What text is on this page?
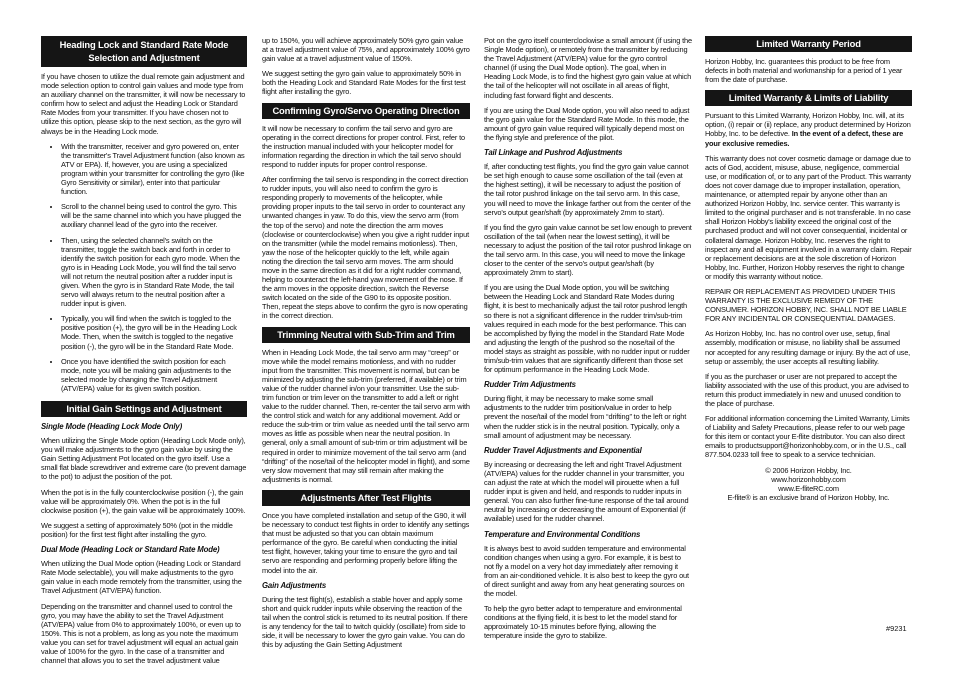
Heading Lock and Standard Rate Mode Selection and Adjustment

If you have chosen to utilize the dual remote gain adjustment and mode selection option to control gain values and mode type from an auxiliary channel on the transmitter, it will now be necessary to confirm how to select and adjust the Heading Lock or Standard Rate Modes from your transmitter. If you have chosen not to utilize this option, please skip to the next section, as the gyro will always be in the Heading Lock mode.

• With the transmitter, receiver and gyro powered on, enter the transmitter's Travel Adjustment function (also known as ATV or EPA). If, however, you are using a specialized program within your transmitter for controlling the gyro (like Gyro Sensitivity or similar), enter into that particular function.
• Scroll to the channel being used to control the gyro. This will be the same channel into which you have plugged the auxiliary channel lead of the gyro into the receiver.
• Then, using the selected channel's switch on the transmitter, toggle the switch back and forth in order to identify the switch position for each gyro mode. When the gyro is in Heading Lock Mode, you will find the tail servo will not return the neutral position after a rudder input is given. When the gyro is in Standard Rate Mode, the tail servo will always return to the neutral position after a rudder input is given.
• Typically, you will find when the switch is toggled to the positive position (+), the gyro will be in the Heading Lock Mode. Then, when the switch is toggled to the negative position (-), the gyro will be in the Standard Rate Mode.
• Once you have identified the switch position for each mode, note you will be making gain adjustments to the selected mode by changing the Travel Adjustment (ATV/EPA) value for its given switch position.
Initial Gain Settings and Adjustment
Single Mode (Heading Lock Mode Only)

When utilizing the Single Mode option (Heading Lock Mode only), you will make adjustments to the gyro gain value by using the Gain Setting Adjustment Pot located on the gyro itself. Use a small flat blade screwdriver and extreme care (to prevent damage to the pot) to adjust the position of the pot.

When the pot is in the fully counterclockwise position (-), the gain value will be approximately 0%. When the pot is in the full clockwise position (+), the gain value will be approximately 100%.

We suggest a setting of approximately 50% (pot in the middle position) for the first test flight after installing the gyro.

Dual Mode (Heading Lock or Standard Rate Mode)

When utilizing the Dual Mode option (Heading Lock or Standard Rate Mode selectable), you will make adjustments to the gyro gain value in each mode remotely from the transmitter, using the Travel Adjustment (ATV/EPA) function.

Depending on the transmitter and channel used to control the gyro, you may have the ability to set the Travel Adjustment (ATV/EPA) value from 0% to approximately 100%, or even up to 150%. This is not a problem, as long as you note the maximum value you can set for travel adjustment will equal an actual gain value of 100% for the gyro. In the case of a transmitter and channel that allows you to set the travel adjustment value

up to 150%, you will achieve approximately 50% gyro gain value at a travel adjustment value of 75%, and approximately 100% gyro gain value at a travel adjustment value of 150%.

We suggest setting the gyro gain value to approximately 50% in both the Heading Lock and Standard Rate Modes for the first test flight after installing the gyro.

Confirming Gyro/Servo Operating Direction

It will now be necessary to confirm the tail servo and gyro are operating in the correct directions for proper control. First, refer to the instruction manual included with your helicopter model for information regarding the direction in which the tail servo should respond to rudder inputs for proper control response.

After confirming the tail servo is responding in the correct direction to rudder inputs, you will also need to confirm the gyro is responding properly to movements of the helicopter, while providing proper inputs to the tail servo in order to counteract any unwanted changes in yaw. To do this, view the servo arm (from the top of the servo) and note the direction the arm moves (clockwise or counterclockwise) when you give a right rudder input on the transmitter (while the model remains motionless). Then, yaw the nose of the helicopter quickly to the left, while again noting the direction the tail servo arm moves. The arm should move in the same direction as it did for a right rudder command, helping to counteract the left-hand yaw movement of the nose. If the arm moves in the opposite direction, switch the Reverse switch located on the side of the G90 to its opposite position. Then, repeat the steps above to confirm the gyro is now operating in the correct direction.

Trimming Neutral with Sub-Trim and Trim

When in Heading Lock Mode, the tail servo arm may “creep” or move while the model remains motionless, and with no rudder input from the transmitter. This movement is normal, but can be minimized by adjusting the sub-trim (preferred, if available) or trim value of the rudder channel in/on your transmitter. Use the sub-trim function or trim lever on the transmitter to add a left or right value to the rudder channel. Then, re-center the tail servo arm with the control stick and watch for any additional movement. Add or reduce the sub-trim or trim value as needed until the tail servo arm moves as little as possible when near the neutral position. In general, only a small amount of sub-trim or trim adjustment will be required in order to minimize movement of the tail servo arm (and “drifting” of the nose/tail of the helicopter model in flight), and some very slow movement that may still remain after making the adjustments is normal.

Adjustments After Test Flights

Once you have completed installation and setup of the G90, it will be necessary to conduct test flights in order to identify any settings that must be adjusted so that you can obtain maximum performance of the gyro. Be careful when conducting the initial test flight, however, taking your time to ensure the gyro and tail servo are responding and performing properly before lifting the model into the air.

Gain Adjustments

During the test flight(s), establish a stable hover and apply some short and quick rudder inputs while observing the reaction of the tail when the control stick is returned to its neutral position. If there is any tendency for the tail to twitch quickly (oscillate) from side to side, it will be necessary to lower the gyro gain value. You can do this by adjusting the Gain Setting Adjustment

Pot on the gyro itself counterclockwise a small amount (if using the Single Mode option), or remotely from the transmitter by reducing the Travel Adjustment (ATV/EPA) value for the gyro control channel (if using the Dual Mode option). The goal, when in Heading Lock Mode, is to find the highest gyro gain value at which the tail of the helicopter will not oscillate in all areas of flight, including fast forward flight and descents.

If you are using the Dual Mode option, you will also need to adjust the gyro gain value for the Standard Rate Mode. In this mode, the amount of gyro gain value required will typically depend most on the flying style and preference of the pilot.

Tail Linkage and Pushrod Adjustments

If, after conducting test flights, you find the gyro gain value cannot be set high enough to cause some oscillation of the tail (even at the highest setting), it will be necessary to adjust the position of the tail rotor pushrod linkage on the tail servo arm. In this case, you will need to move the linkage farther out from the center of the servo's output gear/shaft (by approximately 2mm to start).

If you find the gyro gain value cannot be set low enough to prevent oscillation of the tail (when near the lowest setting), it will be necessary to adjust the position of the tail rotor pushrod linkage on the tail servo arm. In this case, you will need to move the linkage closer to the center of the servo's output gear/shaft (by approximately 2mm to start).

If you are using the Dual Mode option, you will be switching between the Heading Lock and Standard Rate Modes during flight, it is best to mechanically adjust the tail rotor pushrod length so there is not a significant difference in the rudder trim/sub-trim values required in each mode for the best performance. This can be accomplished by flying the model in the Standard Rate Mode and adjusting the length of the pushrod so the nose/tail of the model stays as straight as possible, with no rudder input or rudder trim/sub-trim values that are significantly different than those set for optimum performance in the Heading Lock Mode.

Rudder Trim Adjustments

During flight, it may be necessary to make some small adjustments to the rudder trim position/value in order to help prevent the nose/tail of the model from “drifting” to the left or right when the rudder stick is in the neutral position. Typically, only a small amount of adjustment may be necessary.

Rudder Travel Adjustments and Exponential

By increasing or decreasing the left and right Travel Adjustment (ATV/EPA) values for the rudder channel in your transmitter, you can adjust the rate at which the model will pirouette when a full rudder input is given and held, and responds to rudder inputs in general. You can also further fine-tune response of the tail around neutral by increasing or decreasing the amount of Exponential (if available) used for the rudder channel.

Temperature and Environmental Conditions

It is always best to avoid sudden temperature and environmental condition changes when using a gyro. For example, it is best to not fly a model on a very hot day immediately after removing it from an air-conditioned vehicle. It is also best to keep the gyro out of direct sunlight and away from any heat generating sources on the model.

To help the gyro better adapt to temperature and environmental conditions at the flying field, it is best to let the model stand for approximately 10-15 minutes before flying, allowing the temperature inside the gyro to stabilize.

Limited Warranty Period

Horizon Hobby, Inc. guarantees this product to be free from defects in both material and workmanship for a period of 1 year from the date of purchase.

Limited Warranty & Limits of Liability

Pursuant to this Limited Warranty, Horizon Hobby, Inc. will, at its option, (i) repair or (ii) replace, any product determined by Horizon Hobby, Inc. to be defective. In the event of a defect, these are your exclusive remedies.

This warranty does not cover cosmetic damage or damage due to acts of God, accident, misuse, abuse, negligence, commercial use, or modification of, or to any part of the Product. This warranty does not cover damage due to improper installation, operation, maintenance, or attempted repair by anyone other than an authorized Horizon Hobby, Inc. service center. This warranty is limited to the original purchaser and is not transferable. In no case shall Horizon Hobby's liability exceed the original cost of the purchased product and will not cover consequential, incidental or collateral damage. Horizon Hobby, Inc. reserves the right to inspect any and all equipment involved in a warranty claim. Repair or replacement decisions are at the sole discretion of Horizon Hobby, Inc. Further, Horizon Hobby reserves the right to change or modify this warranty without notice.

REPAIR OR REPLACEMENT AS PROVIDED UNDER THIS WARRANTY IS THE EXCLUSIVE REMEDY OF THE CONSUMER. HORIZON HOBBY, INC. SHALL NOT BE LIABLE FOR ANY INCIDENTAL OR CONSEQUENTIAL DAMAGES.

As Horizon Hobby, Inc. has no control over use, setup, final assembly, modification or misuse, no liability shall be assumed nor accepted for any resulting damage or injury. By the act of use, setup or assembly, the user accepts all resulting liability.

If you as the purchaser or user are not prepared to accept the liability associated with the use of this product, you are advised to return this product immediately in new and unused condition to the place of purchase.

For additional information concerning the Limited Warranty, Limits of Liability and Safety Precautions, please refer to our web page for this item or contact your E-flite distributor. You can also direct emails to productsupport@horizonhobby.com, or in the U.S., call 877.504.0233 toll free to speak to a service technician.

© 2006 Horizon Hobby, Inc.

www.horizonhobby.com

www.E-fliteRC.com

E-flite® is an exclusive brand of Horizon Hobby, Inc.

#9231
